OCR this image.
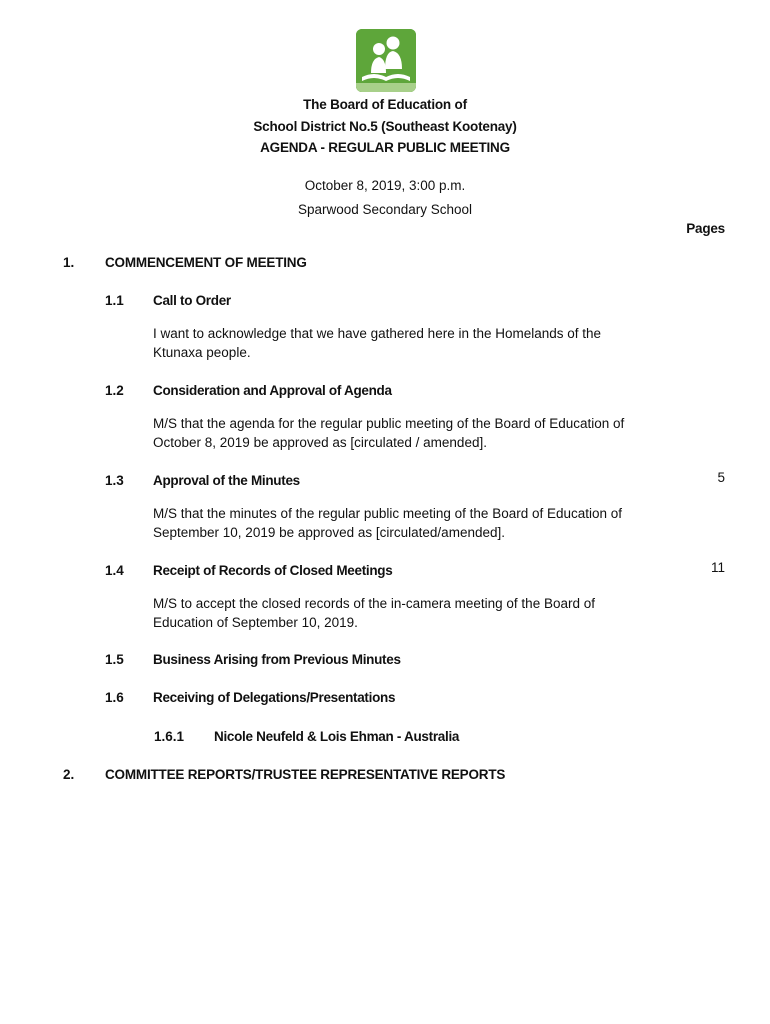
The Board of Education of
School District No.5 (Southeast Kootenay)
AGENDA - REGULAR PUBLIC MEETING
October 8, 2019, 3:00 p.m.
Sparwood Secondary School
Pages
1. COMMENCEMENT OF MEETING
1.1 Call to Order
I want to acknowledge that we have gathered here in the Homelands of the
Ktunaxa people.
1.2 Consideration and Approval of Agenda
M/S that the agenda for the regular public meeting of the Board of Education of
October 8, 2019 be approved as [circulated / amended].
1.3 Approval of the Minutes	5
M/S that the minutes of the regular public meeting of the Board of Education of
September 10, 2019 be approved as [circulated/amended].
1.4 Receipt of Records of Closed Meetings	11
M/S to accept the closed records of the in-camera meeting of the Board of
Education of September 10, 2019.
1.5 Business Arising from Previous Minutes
1.6 Receiving of Delegations/Presentations
1.6.1 Nicole Neufeld & Lois Ehman - Australia
2. COMMITTEE REPORTS/TRUSTEE REPRESENTATIVE REPORTS
